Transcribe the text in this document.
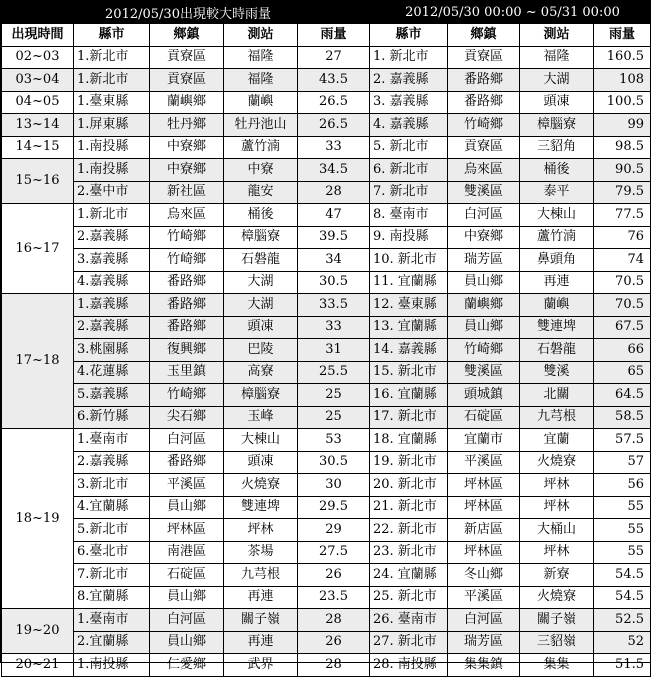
2012/05/30出現較大時雨量	2012/05/30 00:00 ~ 05/31 00:00
出現時間	縣市	鄉鎮	測站	雨量	縣市	鄉鎮	測站	雨量
02~03	1.新北市	貢寮區	福隆	27	1. 新北市	貢寮區	福隆	160.5
03~04	1.新北市	貢寮區	福隆	43.5	2. 嘉義縣	番路鄉	大湖	108
04~05	1.臺東縣	蘭嶼鄉	蘭嶼	26.5	3. 嘉義縣	番路鄉	頭凍	100.5
13~14	1.屏東縣	牡丹鄉	牡丹池山	26.5	4. 嘉義縣	竹崎鄉	樟腦寮	99
14~15	1.南投縣	中寮鄉	蘆竹湳	33	5. 新北市	貢寮區	三貂角	98.5
15~16	1.南投縣	中寮鄉	中寮	34.5	6. 新北市	烏來區	桶後	90.5
	2.臺中市	新社區	龍安	28	7. 新北市	雙溪區	泰平	79.5
16~17	1.新北市	烏來區	桶後	47	8. 臺南市	白河區	大棟山	77.5
	2.嘉義縣	竹崎鄉	樟腦寮	39.5	9. 南投縣	中寮鄉	蘆竹湳	76
	3.嘉義縣	竹崎鄉	石磐龍	34	10. 新北市	瑞芳區	鼻頭角	74
	4.嘉義縣	番路鄉	大湖	30.5	11. 宜蘭縣	員山鄉	再連	70.5
17~18	1.嘉義縣	番路鄉	大湖	33.5	12. 臺東縣	蘭嶼鄉	蘭嶼	70.5
	2.嘉義縣	番路鄉	頭凍	33	13. 宜蘭縣	員山鄉	雙連埤	67.5
	3.桃園縣	復興鄉	巴陵	31	14. 嘉義縣	竹崎鄉	石磐龍	66
	4.花蓮縣	玉里鎮	高寮	25.5	15. 新北市	雙溪區	雙溪	65
	5.嘉義縣	竹崎鄉	樟腦寮	25	16. 宜蘭縣	頭城鎮	北關	64.5
	6.新竹縣	尖石鄉	玉峰	25	17. 新北市	石碇區	九芎根	58.5
18~19	1.臺南市	白河區	大棟山	53	18. 宜蘭縣	宜蘭市	宜蘭	57.5
	2.嘉義縣	番路鄉	頭凍	30.5	19. 新北市	平溪區	火燒寮	57
	3.新北市	平溪區	火燒寮	30	20. 新北市	坪林區	坪林	56
	4.宜蘭縣	員山鄉	雙連埤	29.5	21. 新北市	坪林區	坪林	55
	5.新北市	坪林區	坪林	29	22. 新北市	新店區	大桶山	55
	6.臺北市	南港區	茶場	27.5	23. 新北市	坪林區	坪林	55
	7.新北市	石碇區	九芎根	26	24. 宜蘭縣	冬山鄉	新寮	54.5
	8.宜蘭縣	員山鄉	再連	23.5	25. 新北市	平溪區	火燒寮	54.5
19~20	1.臺南市	白河區	關子嶺	28	26. 臺南市	白河區	關子嶺	52.5
	2.宜蘭縣	員山鄉	再連	26	27. 新北市	瑞芳區	三貂嶺	52
20~21	1.南投縣	仁愛鄉	武界	28	28. 南投縣	集集鎮	集集	51.5
